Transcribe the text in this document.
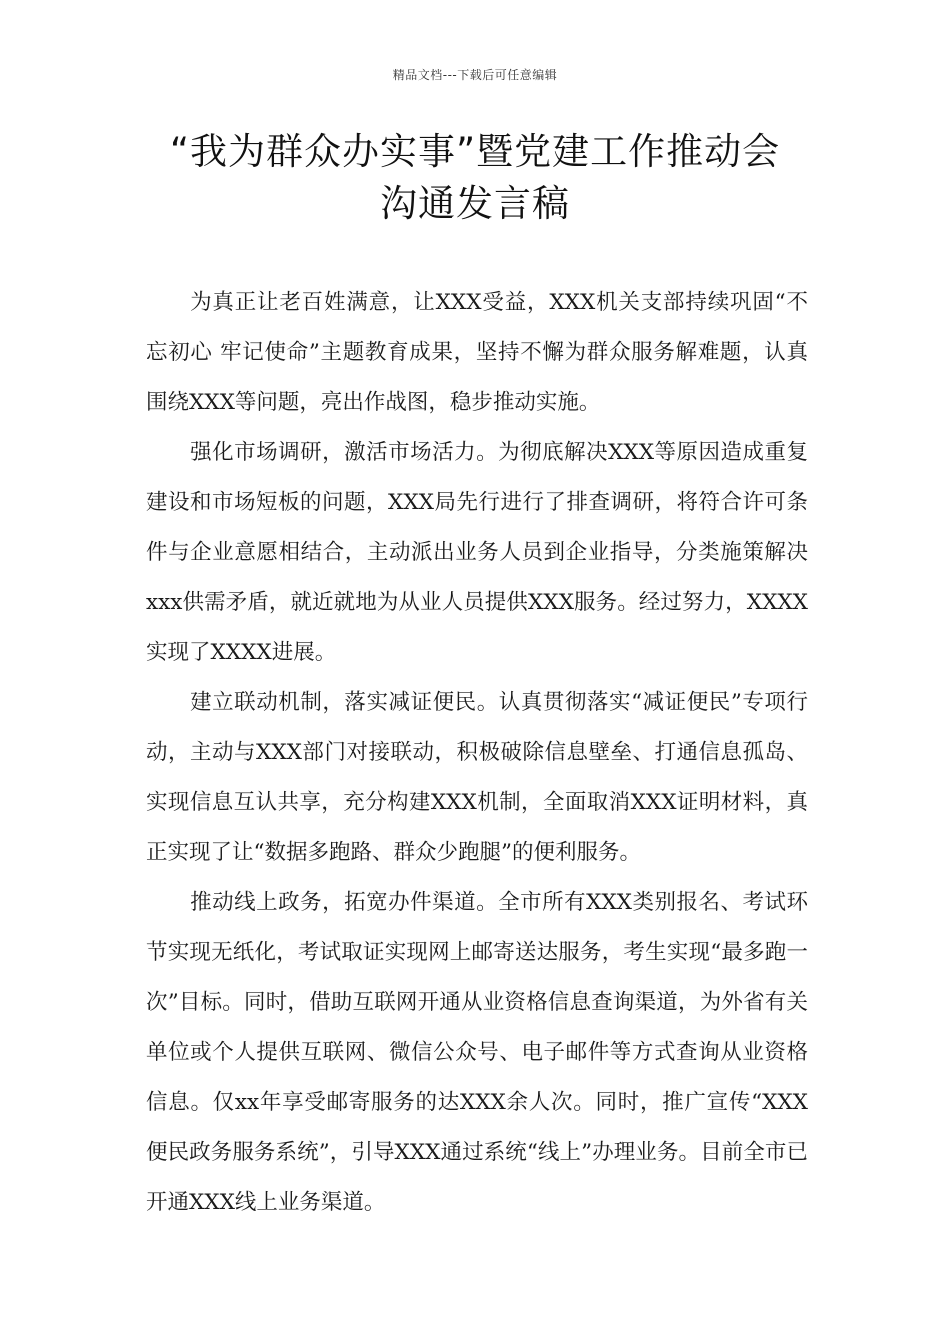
精品文档---下载后可任意编辑
“我为群众办实事”暨党建工作推动会
沟通发言稿

为真正让老百姓满意，让XXX受益，XXX机关支部持续巩固“不忘初心 牢记使命”主题教育成果，坚持不懈为群众服务解难题，认真围绕XXX等问题，亮出作战图，稳步推动实施。

强化市场调研，激活市场活力。为彻底解决XXX等原因造成重复建设和市场短板的问题，XXX局先行进行了排查调研，将符合许可条件与企业意愿相结合，主动派出业务人员到企业指导，分类施策解决xxx供需矛盾，就近就地为从业人员提供XXX服务。经过努力，XXXX实现了XXXX进展。

建立联动机制，落实减证便民。认真贯彻落实“减证便民”专项行动，主动与XXX部门对接联动，积极破除信息壁垒、打通信息孤岛、实现信息互认共享，充分构建XXX机制，全面取消XXX证明材料，真正实现了让“数据多跑路、群众少跑腿”的便利服务。

推动线上政务，拓宽办件渠道。全市所有XXX类别报名、考试环节实现无纸化，考试取证实现网上邮寄送达服务，考生实现“最多跑一次”目标。同时，借助互联网开通从业资格信息查询渠道，为外省有关单位或个人提供互联网、微信公众号、电子邮件等方式查询从业资格信息。仅xx年享受邮寄服务的达XXX余人次。同时，推广宣传“XXX便民政务服务系统”，引导XXX通过系统“线上”办理业务。目前全市已开通XXX线上业务渠道。
